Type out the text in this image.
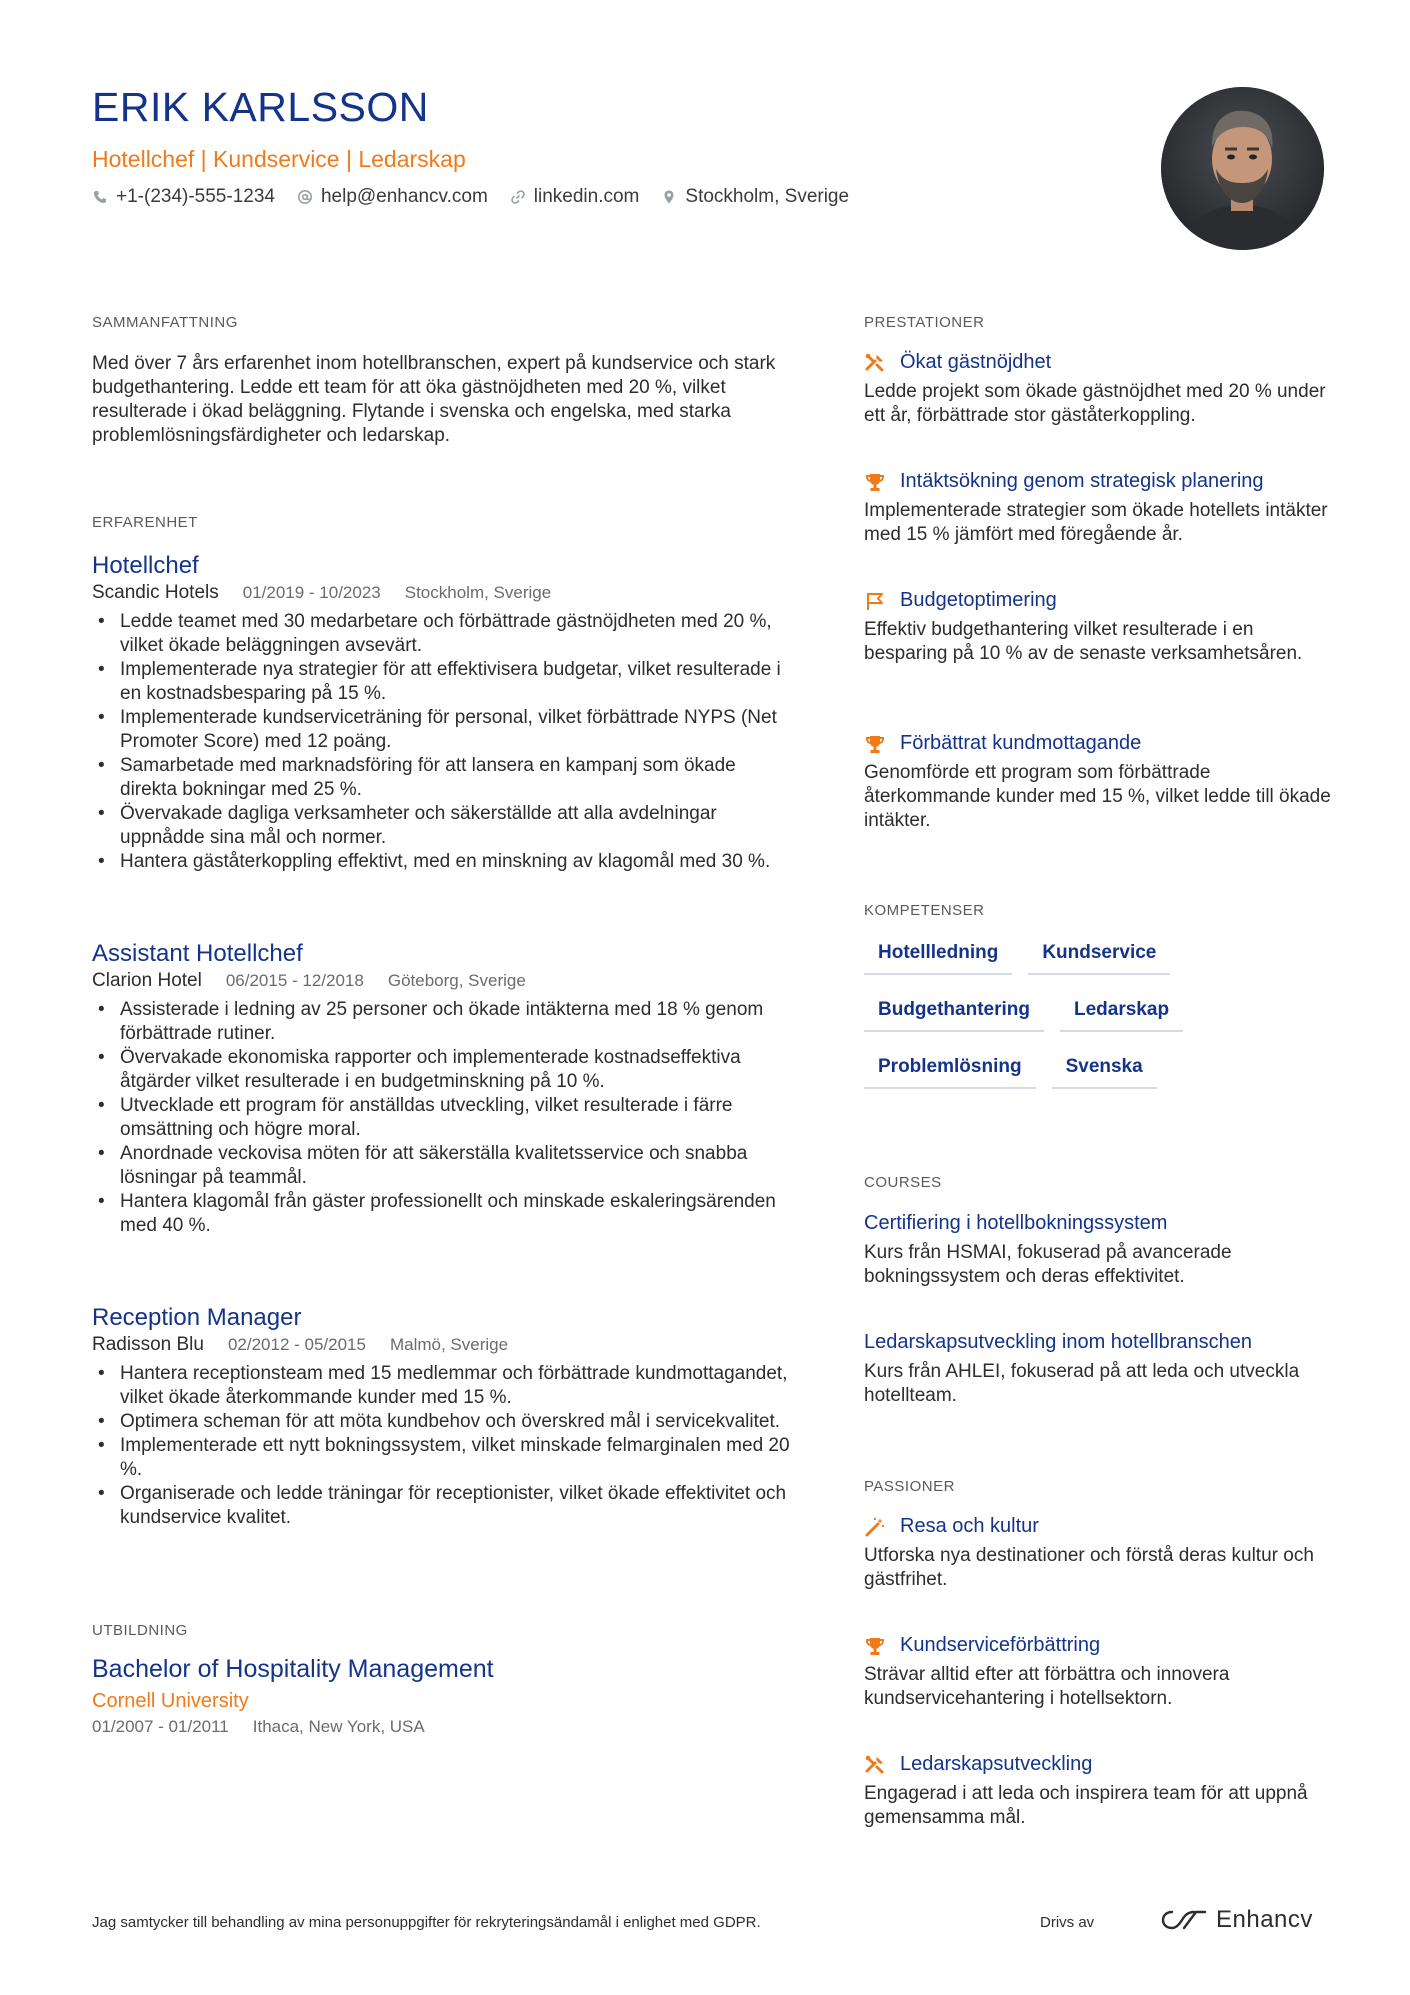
ERIK KARLSSON
Hotellchef | Kundservice | Ledarskap
+1-(234)-555-1234 help@enhancv.com linkedin.com Stockholm, Sverige
SAMMANFATTNING
Med över 7 års erfarenhet inom hotellbranschen, expert på kundservice och stark budgethantering. Ledde ett team för att öka gästnöjdheten med 20 %, vilket resulterade i ökad beläggning. Flytande i svenska och engelska, med starka problemlösningsfärdigheter och ledarskap.
ERFARENHET
Hotellchef
Scandic Hotels 01/2019 - 10/2023 Stockholm, Sverige
• Ledde teamet med 30 medarbetare och förbättrade gästnöjdheten med 20 %, vilket ökade beläggningen avsevärt.
• Implementerade nya strategier för att effektivisera budgetar, vilket resulterade i en kostnadsbesparing på 15 %.
• Implementerade kundserviceträning för personal, vilket förbättrade NYPS (Net Promoter Score) med 12 poäng.
• Samarbetade med marknadsföring för att lansera en kampanj som ökade direkta bokningar med 25 %.
• Övervakade dagliga verksamheter och säkerställde att alla avdelningar uppnådde sina mål och normer.
• Hantera gäståterkoppling effektivt, med en minskning av klagomål med 30 %.
Assistant Hotellchef
Clarion Hotel 06/2015 - 12/2018 Göteborg, Sverige
• Assisterade i ledning av 25 personer och ökade intäkterna med 18 % genom förbättrade rutiner.
• Övervakade ekonomiska rapporter och implementerade kostnadseffektiva åtgärder vilket resulterade i en budgetminskning på 10 %.
• Utvecklade ett program för anställdas utveckling, vilket resulterade i färre omsättning och högre moral.
• Anordnade veckovisa möten för att säkerställa kvalitetsservice och snabba lösningar på teammål.
• Hantera klagomål från gäster professionellt och minskade eskaleringsärenden med 40 %.
Reception Manager
Radisson Blu 02/2012 - 05/2015 Malmö, Sverige
• Hantera receptionsteam med 15 medlemmar och förbättrade kundmottagandet, vilket ökade återkommande kunder med 15 %.
• Optimera scheman för att möta kundbehov och överskred mål i servicekvalitet.
• Implementerade ett nytt bokningssystem, vilket minskade felmarginalen med 20 %.
• Organiserade och ledde träningar för receptionister, vilket ökade effektivitet och kundservice kvalitet.
UTBILDNING
Bachelor of Hospitality Management
Cornell University
01/2007 - 01/2011 Ithaca, New York, USA
PRESTATIONER
Ökat gästnöjdhet
Ledde projekt som ökade gästnöjdhet med 20 % under ett år, förbättrade stor gäståterkoppling.
Intäktsökning genom strategisk planering
Implementerade strategier som ökade hotellets intäkter med 15 % jämfört med föregående år.
Budgetoptimering
Effektiv budgethantering vilket resulterade i en besparing på 10 % av de senaste verksamhetsåren.
Förbättrat kundmottagande
Genomförde ett program som förbättrade återkommande kunder med 15 %, vilket ledde till ökade intäkter.
KOMPETENSER
Hotellledning	Kundservice
Budgethantering	Ledarskap
Problemlösning	Svenska
COURSES
Certifiering i hotellbokningssystem
Kurs från HSMAI, fokuserad på avancerade bokningssystem och deras effektivitet.
Ledarskapsutveckling inom hotellbranschen
Kurs från AHLEI, fokuserad på att leda och utveckla hotellteam.
PASSIONER
Resa och kultur
Utforska nya destinationer och förstå deras kultur och gästfrihet.
Kundserviceförbättring
Strävar alltid efter att förbättra och innovera kundservicehantering i hotellsektorn.
Ledarskapsutveckling
Engagerad i att leda och inspirera team för att uppnå gemensamma mål.
Jag samtycker till behandling av mina personuppgifter för rekryteringsändamål i enlighet med GDPR.	Drivs av	Enhancv
